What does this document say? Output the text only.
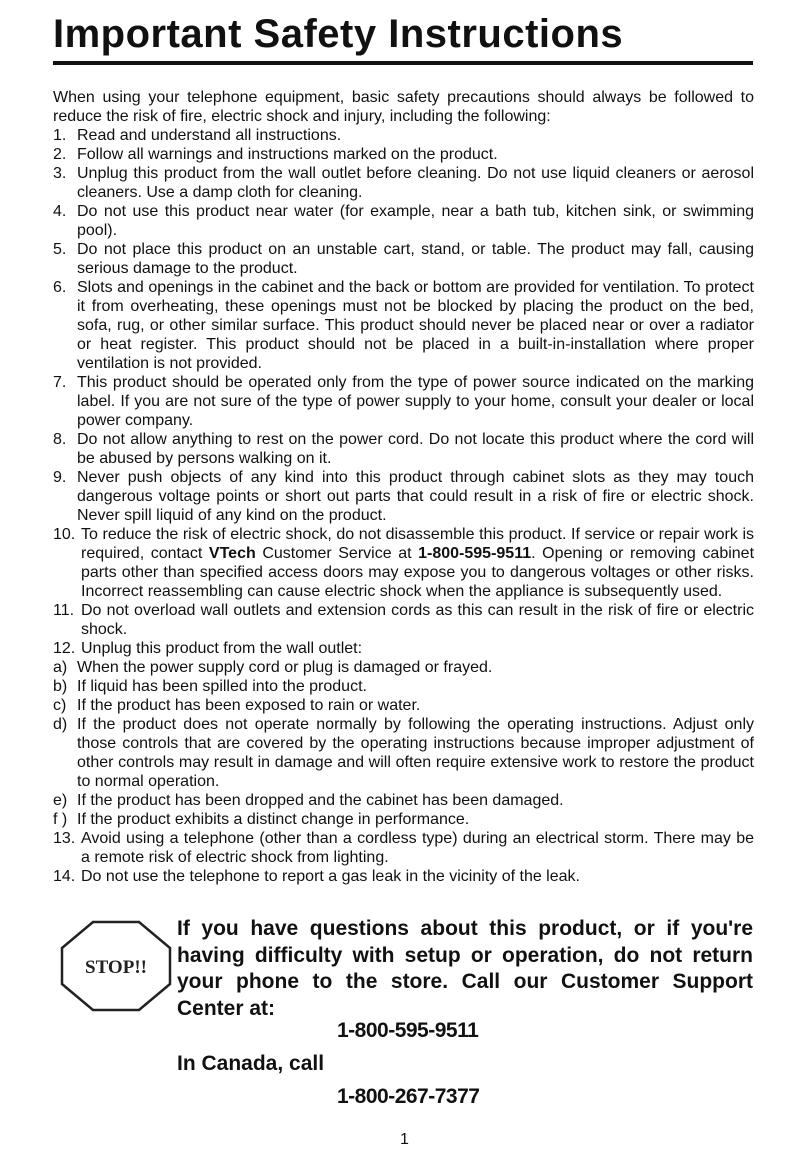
Important Safety Instructions

When using your telephone equipment, basic safety precautions should always be followed to reduce the risk of fire, electric shock and injury, including the following:

1. Read and understand all instructions.
2. Follow all warnings and instructions marked on the product.
3. Unplug this product from the wall outlet before cleaning. Do not use liquid cleaners or aerosol cleaners. Use a damp cloth for cleaning.
4. Do not use this product near water (for example, near a bath tub, kitchen sink, or swimming pool).
5. Do not place this product on an unstable cart, stand, or table. The product may fall, causing serious damage to the product.
6. Slots and openings in the cabinet and the back or bottom are provided for ventilation. To protect it from overheating, these openings must not be blocked by placing the product on the bed, sofa, rug, or other similar surface. This product should never be placed near or over a radiator or heat register. This product should not be placed in a built-in-installation where proper ventilation is not provided.
7. This product should be operated only from the type of power source indicated on the marking label. If you are not sure of the type of power supply to your home, consult your dealer or local power company.
8. Do not allow anything to rest on the power cord. Do not locate this product where the cord will be abused by persons walking on it.
9. Never push objects of any kind into this product through cabinet slots as they may touch dangerous voltage points or short out parts that could result in a risk of fire or electric shock. Never spill liquid of any kind on the product.
10. To reduce the risk of electric shock, do not disassemble this product. If service or repair work is required, contact VTech Customer Service at 1-800-595-9511. Opening or removing cabinet parts other than specified access doors may expose you to dangerous voltages or other risks. Incorrect reassembling can cause electric shock when the appliance is subsequently used.
11. Do not overload wall outlets and extension cords as this can result in the risk of fire or electric shock.
12. Unplug this product from the wall outlet:
a) When the power supply cord or plug is damaged or frayed.
b) If liquid has been spilled into the product.
c) If the product has been exposed to rain or water.
d) If the product does not operate normally by following the operating instructions. Adjust only those controls that are covered by the operating instructions because improper adjustment of other controls may result in damage and will often require extensive work to restore the product to normal operation.
e) If the product has been dropped and the cabinet has been damaged.
f ) If the product exhibits a distinct change in performance.
13. Avoid using a telephone (other than a cordless type) during an electrical storm. There may be a remote risk of electric shock from lighting.
14. Do not use the telephone to report a gas leak in the vicinity of the leak.
STOP!!
If you have questions about this product, or if you're having difficulty with setup or operation, do not return your phone to the store. Call our Customer Support Center at:
1-800-595-9511
In Canada, call
1-800-267-7377
1
